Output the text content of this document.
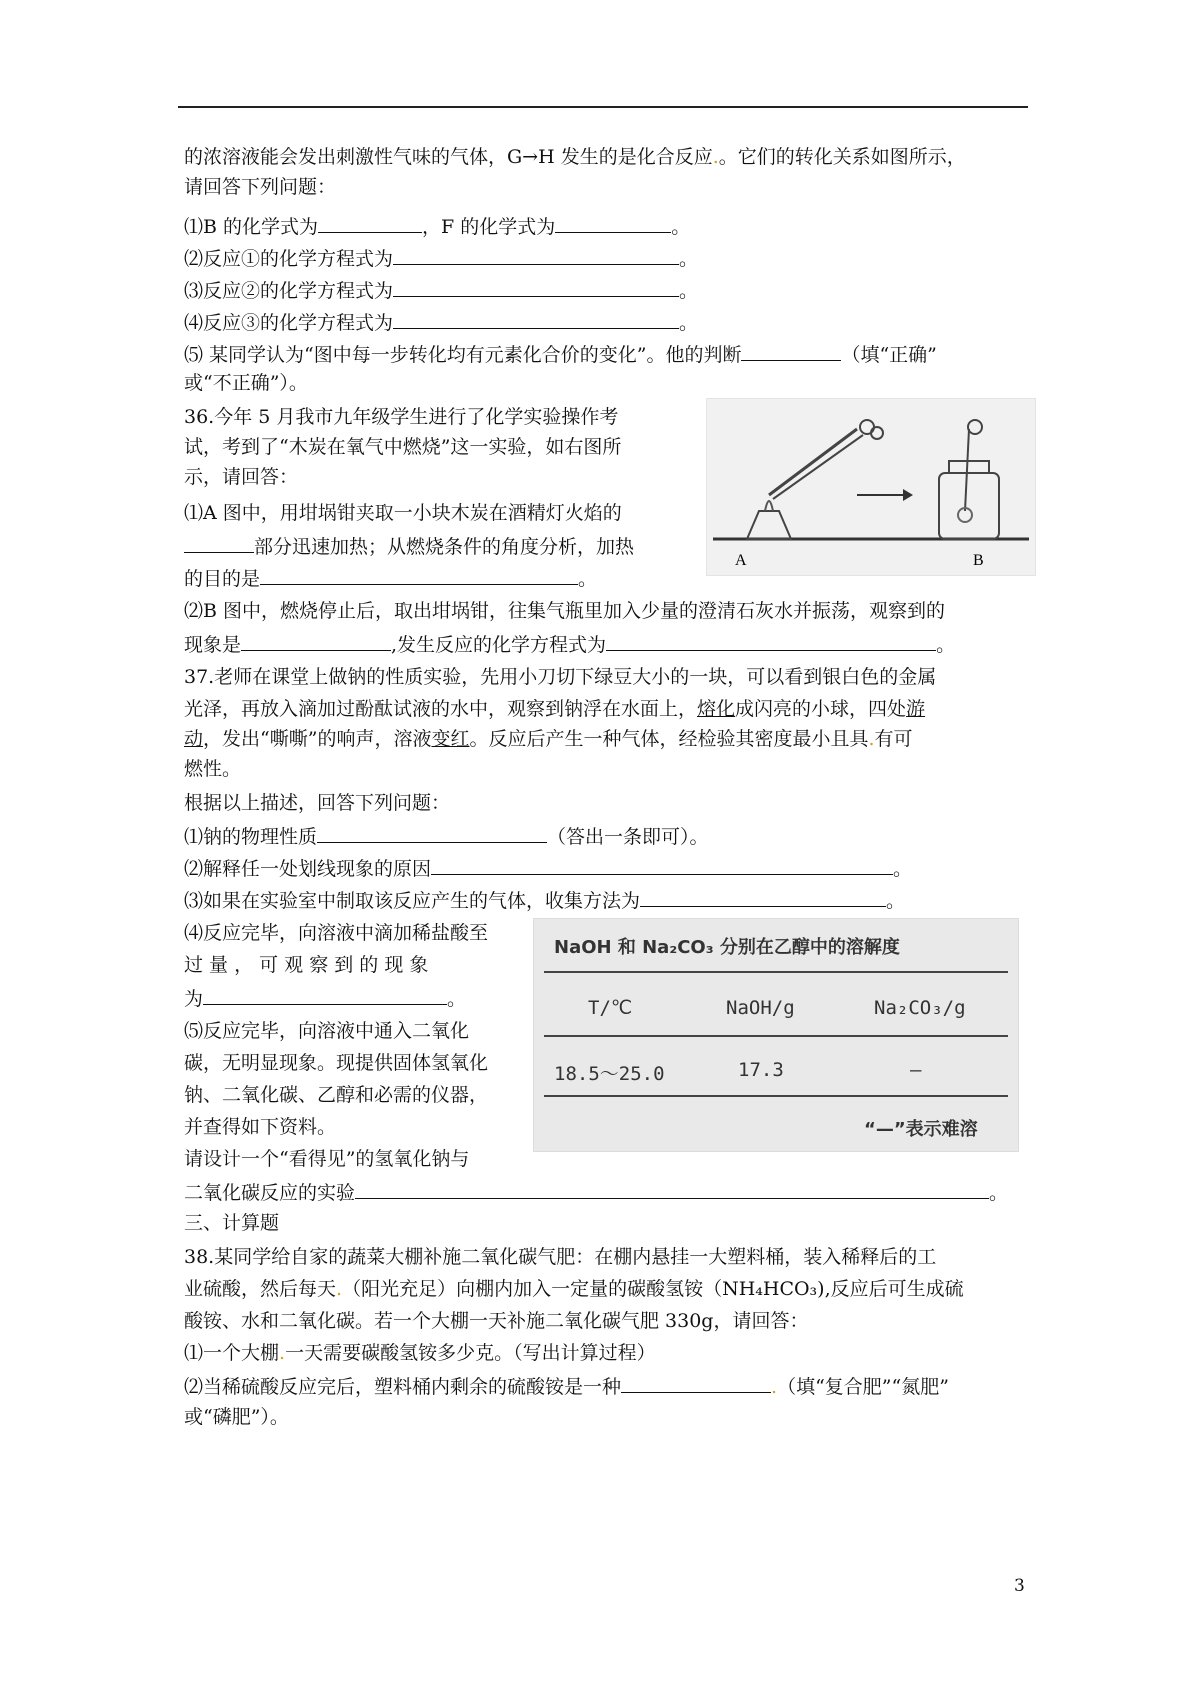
的浓溶液能会发出刺激性气味的气体，G→H 发生的是化合反应.。它们的转化关系如图所示，
请回答下列问题：
⑴B 的化学式为	，F 的化学式为	。
⑵反应①的化学方程式为	。
⑶反应②的化学方程式为	。
⑷反应③的化学方程式为	。
⑸ 某同学认为“图中每一步转化均有元素化合价的变化”。他的判断	（填“正确”
或“不正确”）。
36.今年 5 月我市九年级学生进行了化学实验操作考
试，考到了“木炭在氧气中燃烧”这一实验，如右图所
示，请回答：
⑴A 图中，用坩埚钳夹取一小块木炭在酒精灯火焰的
部分迅速加热；从燃烧条件的角度分析，加热
的目的是	。
⑵B 图中，燃烧停止后，取出坩埚钳，往集气瓶里加入少量的澄清石灰水并振荡，观察到的
现象是	,发生反应的化学方程式为	。
A	B
37.老师在课堂上做钠的性质实验，先用小刀切下绿豆大小的一块，可以看到银白色的金属
光泽，再放入滴加过酚酞试液的水中，观察到钠浮在水面上，熔化成闪亮的小球，四处游
动，发出“嘶嘶”的响声，溶液变红。反应后产生一种气体，经检验其密度最小且具.有可
燃性。
根据以上描述，回答下列问题：
⑴钠的物理性质	（答出一条即可）。
⑵解释任一处划线现象的原因	。
⑶如果在实验室中制取该反应产生的气体，收集方法为	。
⑷反应完毕，向溶液中滴加稀盐酸至
过 量 ， 可 观 察 到 的 现 象
为	。
⑸反应完毕，向溶液中通入二氧化
碳，无明显现象。现提供固体氢氧化
钠、二氧化碳、乙醇和必需的仪器，
并查得如下资料。
请设计一个“看得见”的氢氧化钠与
二氧化碳反应的实验	。
NaOH 和 Na₂CO₃ 分别在乙醇中的溶解度
T/℃	NaOH/g	Na₂CO₃/g
18.5～25.0	17.3	—
“—”表示难溶
三、计算题
38.某同学给自家的蔬菜大棚补施二氧化碳气肥：在棚内悬挂一大塑料桶，装入稀释后的工
业硫酸，然后每天.（阳光充足）向棚内加入一定量的碳酸氢铵（NH₄HCO₃),反应后可生成硫
酸铵、水和二氧化碳。若一个大棚一天补施二氧化碳气肥 330g，请回答：
⑴一个大棚.一天需要碳酸氢铵多少克。（写出计算过程）
⑵当稀硫酸反应完后，塑料桶内剩余的硫酸铵是一种	.（填“复合肥”“氮肥”
或“磷肥”）。
3
